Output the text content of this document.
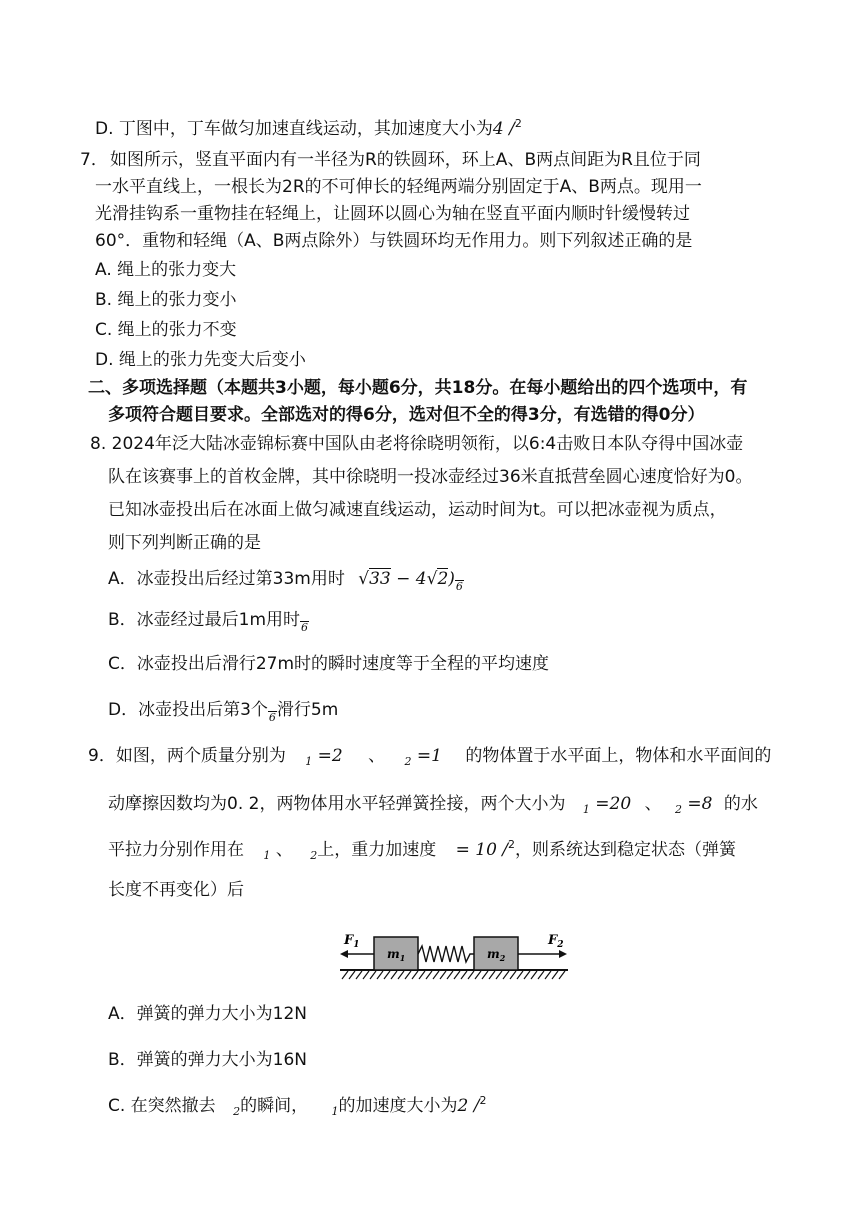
D. 丁图中，丁车做匀加速直线运动，其加速度大小为4 /$^2$
7． 如图所示，竖直平面内有一半径为R的铁圆环，环上A、B两点间距为R且位于同
一水平直线上，一根长为2R的不可伸长的轻绳两端分别固定于A、B两点。现用一
光滑挂钩系一重物挂在轻绳上，让圆环以圆心为轴在竖直平面内顺时针缓慢转过
60°．重物和轻绳（A、B两点除外）与铁圆环均无作用力。则下列叙述正确的是
A. 绳上的张力变大
B. 绳上的张力变小
C. 绳上的张力不变
D. 绳上的张力先变大后变小
二、多项选择题（本题共3小题，每小题6分，共18分。在每小题给出的四个选项中，有
多项符合题目要求。全部选对的得6分，选对但不全的得3分，有选错的得0分）
8. 2024年泛大陆冰壶锦标赛中国队由老将徐晓明领衔，以6:4击败日本队夺得中国冰壶
队在该赛事上的首枚金牌，其中徐晓明一投冰壶经过36米直抵营垒圆心速度恰好为0。
已知冰壶投出后在冰面上做匀减速直线运动，运动时间为t。可以把冰壶视为质点，
则下列判断正确的是
A．冰壶投出后经过第33m用时 √33 − 4√2)6
B．冰壶经过最后1m用时6
C．冰壶投出后滑行27m时的瞬时速度等于全程的平均速度
D．冰壶投出后第3个6滑行5m
9．如图，两个质量分别为 $_1$ =2 、 $_2$ =1 的物体置于水平面上，物体和水平面间的
动摩擦因数均为0. 2，两物体用水平轻弹簧拴接，两个大小为 $_1$ =20 、 $_2$ =8 的水
平拉力分别作用在 $_1$ 、 $_2$上，重力加速度 = 10 /$^2$，则系统达到稳定状态（弹簧
长度不再变化）后
$F_1$	$F_2$
$m_1$	$m_2$
A．弹簧的弹力大小为12N
B．弹簧的弹力大小为16N
C. 在突然撤去 $_2$的瞬间， $_1$的加速度大小为2 /$^2$
